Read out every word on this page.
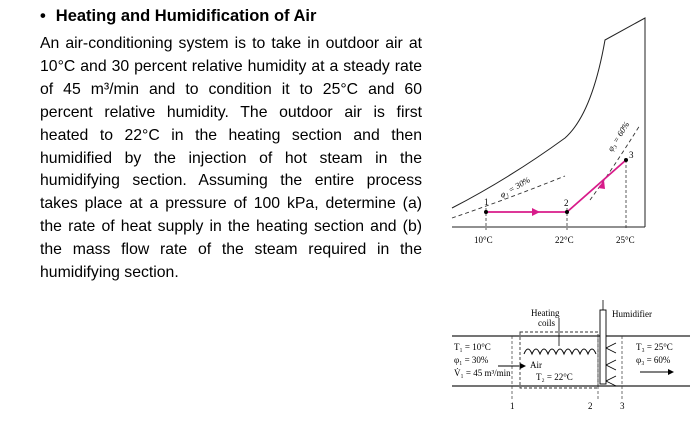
• Heating and Humidification of Air

An air-conditioning system is to take in outdoor air at 10°C and 30 percent relative humidity at a steady rate of 45 m³/min and to condition it to 25°C and 60 percent relative humidity. The outdoor air is first heated to 22°C in the heating section and then humidified by the injection of hot steam in the humidifying section. Assuming the entire process takes place at a pressure of 100 kPa, determine (a) the rate of heat supply in the heating section and (b) the mass flow rate of the steam required in the humidifying section.

1	2
3
φ₁ = 30%
φ₃ = 60%
10°C	22°C	25°C
Heating
coils
Humidifier
1	2	3
T₁ = 10°C
φ₁ = 30%
V̇₁ = 45 m³/min
Air
T₂ = 22°C
T₃ = 25°C
φ₃ = 60%
